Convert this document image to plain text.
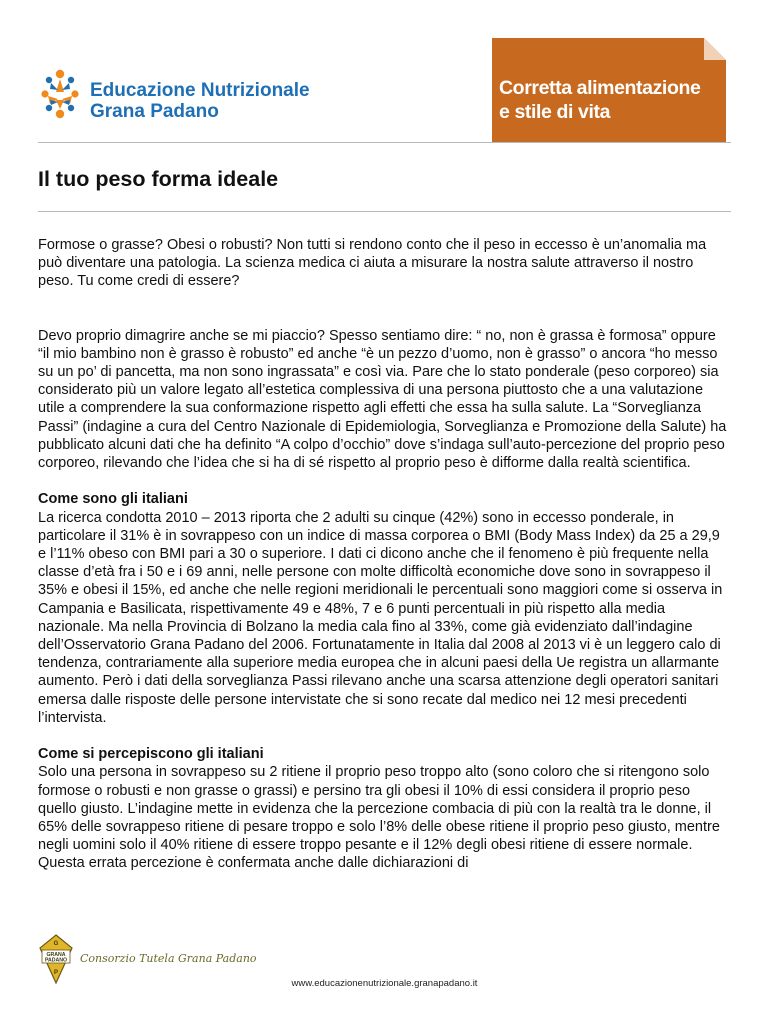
Educazione Nutrizionale
Grana Padano
Corretta alimentazione
e stile di vita
Il tuo peso forma ideale

Formose o grasse? Obesi o robusti? Non tutti si rendono conto che il peso in eccesso è un’anomalia ma può diventare una patologia. La scienza medica ci aiuta a misurare la nostra salute attraverso il nostro peso. Tu come credi di essere?

Devo proprio dimagrire anche se mi piaccio? Spesso sentiamo dire: “ no, non è grassa è formosa” oppure “il mio bambino non è grasso è robusto” ed anche “è un pezzo d’uomo, non è grasso” o ancora “ho messo su un po’ di pancetta, ma non sono ingrassata” e così via. Pare che lo stato ponderale (peso corporeo) sia considerato più un valore legato all’estetica complessiva di una persona piuttosto che a una valutazione utile a comprendere la sua conformazione rispetto agli effetti che essa ha sulla salute. La “Sorveglianza Passi” (indagine a cura del Centro Nazionale di Epidemiologia, Sorveglianza e Promozione della Salute) ha pubblicato alcuni dati che ha definito “A colpo d’occhio” dove s’indaga sull’auto-percezione del proprio peso corporeo, rilevando che l’idea che si ha di sé rispetto al proprio peso è difforme dalla realtà scientifica.

Come sono gli italiani

La ricerca condotta 2010 – 2013 riporta che 2 adulti su cinque (42%) sono in eccesso ponderale, in particolare il 31% è in sovrappeso con un indice di massa corporea o BMI (Body Mass Index) da 25 a 29,9 e l’11% obeso con BMI pari a 30 o superiore. I dati ci dicono anche che il fenomeno è più frequente nella classe d’età fra i 50 e i 69 anni, nelle persone con molte difficoltà economiche dove sono in sovrappeso il 35% e obesi il 15%, ed anche che nelle regioni meridionali le percentuali sono maggiori come si osserva in Campania e Basilicata, rispettivamente 49 e 48%, 7 e 6 punti percentuali in più rispetto alla media nazionale. Ma nella Provincia di Bolzano la media cala fino al 33%, come già evidenziato dall’indagine dell’Osservatorio Grana Padano del 2006. Fortunatamente in Italia dal 2008 al 2013 vi è un leggero calo di tendenza, contrariamente alla superiore media europea che in alcuni paesi della Ue registra un allarmante aumento. Però i dati della sorveglianza Passi rilevano anche una scarsa attenzione degli operatori sanitari emersa dalle risposte delle persone intervistate che si sono recate dal medico nei 12 mesi precedenti l’intervista.

Come si percepiscono gli italiani

Solo una persona in sovrappeso su 2 ritiene il proprio peso troppo alto (sono coloro che si ritengono solo formose o robusti e non grasse o grassi) e persino tra gli obesi il 10% di essi considera il proprio peso quello giusto. L’indagine mette in evidenza che la percezione combacia di più con la realtà tra le donne, il 65% delle sovrappeso ritiene di pesare troppo e solo l’8% delle obese ritiene il proprio peso giusto, mentre negli uomini solo il 40% ritiene di essere troppo pesante e il 12% degli obesi ritiene di essere normale. Questa errata percezione è confermata anche dalle dichiarazioni di

GRANA
PADANO
G
P
Consorzio Tutela Grana Padano
www.educazionenutrizionale.granapadano.it
